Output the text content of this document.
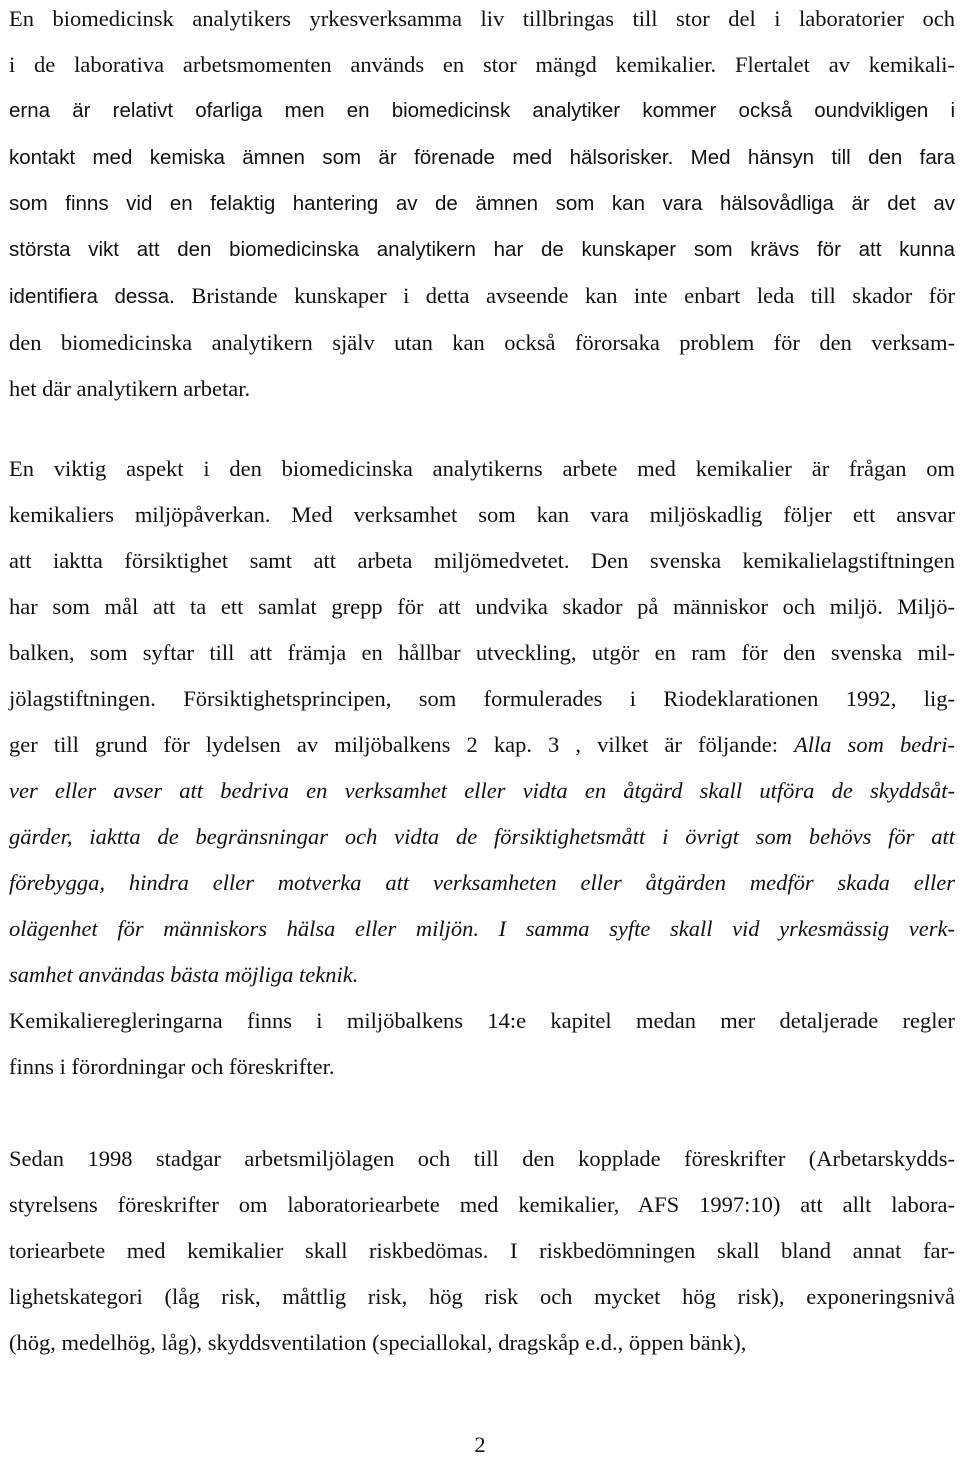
En biomedicinsk analytikers yrkesverksamma liv tillbringas till stor del i laboratorier och
i de laborativa arbetsmomenten används en stor mängd kemikalier. Flertalet av kemikali-
erna är relativt ofarliga men en biomedicinsk analytiker kommer också oundvikligen i
kontakt med kemiska ämnen som är förenade med hälsorisker. Med hänsyn till den fara
som finns vid en felaktig hantering av de ämnen som kan vara hälsovådliga är det av
största vikt att den biomedicinska analytikern har de kunskaper som krävs för att kunna
identifiera dessa. Bristande kunskaper i detta avseende kan inte enbart leda till skador för
den biomedicinska analytikern själv utan kan också förorsaka problem för den verksam-
het där analytikern arbetar.
En viktig aspekt i den biomedicinska analytikerns arbete med kemikalier är frågan om
kemikaliers miljöpåverkan. Med verksamhet som kan vara miljöskadlig följer ett ansvar
att iaktta försiktighet samt att arbeta miljömedvetet. Den svenska kemikalielagstiftningen
har som mål att ta ett samlat grepp för att undvika skador på människor och miljö. Miljö-
balken, som syftar till att främja en hållbar utveckling, utgör en ram för den svenska mil-
jölagstiftningen. Försiktighetsprincipen, som formulerades i Riodeklarationen 1992, lig-
ger till grund för lydelsen av miljöbalkens 2 kap. 3 , vilket är följande: Alla som bedri-
ver eller avser att bedriva en verksamhet eller vidta en åtgärd skall utföra de skyddsåt-
gärder, iaktta de begränsningar och vidta de försiktighetsmått i övrigt som behövs för att
förebygga, hindra eller motverka att verksamheten eller åtgärden medför skada eller
olägenhet för människors hälsa eller miljön. I samma syfte skall vid yrkesmässig verk-
samhet användas bästa möjliga teknik.
Kemikalieregleringarna finns i miljöbalkens 14:e kapitel medan mer detaljerade regler
finns i förordningar och föreskrifter.
Sedan 1998 stadgar arbetsmiljölagen och till den kopplade föreskrifter (Arbetarskydds-
styrelsens föreskrifter om laboratoriearbete med kemikalier, AFS 1997:10) att allt labora-
toriearbete med kemikalier skall riskbedömas. I riskbedömningen skall bland annat far-
lighetskategori (låg risk, måttlig risk, hög risk och mycket hög risk), exponeringsnivå
(hög, medelhög, låg), skyddsventilation (speciallokal, dragskåp e.d., öppen bänk),
2
